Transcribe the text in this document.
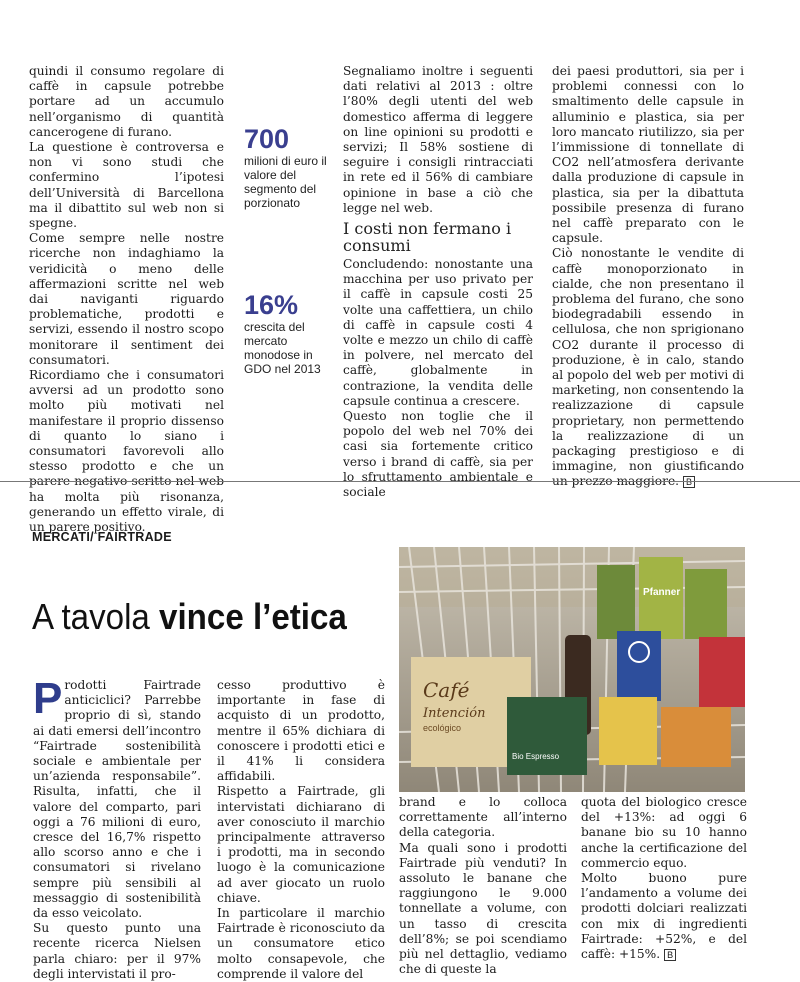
quindi il consumo regolare di caffè in capsule potrebbe portare ad un accumulo nell’organismo di quantità cancerogene di furano.

La questione è controversa e non vi sono studi che confermino l’ipotesi dell’Università di Barcellona ma il dibattito sul web non si spegne.

Come sempre nelle nostre ricerche non indaghiamo la veridicità o meno delle affermazioni scritte nel web dai naviganti riguardo problematiche, prodotti e servizi, essendo il nostro scopo monitorare il sentiment dei consumatori.

Ricordiamo che i consumatori avversi ad un prodotto sono molto più motivati nel manifestare il proprio dissenso di quanto lo siano i consumatori favorevoli allo stesso prodotto e che un parere negativo scritto nel web ha molta più risonanza, generando un effetto virale, di un parere positivo.

700
milioni di euro il valore del segmento del porzionato
16%
crescita del mercato monodose in GDO nel 2013

Segnaliamo inoltre i seguenti dati relativi al 2013 : oltre l’80% degli utenti del web domestico afferma di leggere on line opinioni su prodotti e servizi; Il 58% sostiene di seguire i consigli rintracciati in rete ed il 56% di cambiare opinione in base a ciò che legge nel web.

I costi non fermano i consumi

Concludendo: nonostante una macchina per uso privato per il caffè in capsule costi 25 volte una caffettiera, un chilo di caffè in capsule costi 4 volte e mezzo un chilo di caffè in polvere, nel mercato del caffè, globalmente in contrazione, la vendita delle capsule continua a crescere.

Questo non toglie che il popolo del web nel 70% dei casi sia fortemente critico verso i brand di caffè, sia per lo sfruttamento ambientale e sociale

dei paesi produttori, sia per i problemi connessi con lo smaltimento delle capsule in alluminio e plastica, sia per loro mancato riutilizzo, sia per l’immissione di tonnellate di CO2 nell’atmosfera derivante dalla produzione di capsule in plastica, sia per la dibattuta possibile presenza di furano nel caffè preparato con le capsule.

Ciò nonostante le vendite di caffè monoporzionato in cialde, che non presentano il problema del furano, che sono biodegradabili essendo in cellulosa, che non sprigionano CO2 durante il processo di produzione, è in calo, stando al popolo del web per motivi di marketing, non consentendo la realizzazione di capsule proprietary, non permettendo la realizzazione di un packaging prestigioso e di immagine, non giustificando un prezzo maggiore. B

MERCATI/ FAIRTRADE
A tavola vince l’etica
Pfanner
Café
Intención
ecológico
Bio Espresso

Prodotti Fairtrade anticiclici? Parrebbe proprio di sì, stando ai dati emersi dell’incontro “Fairtrade sostenibilità sociale e ambientale per un’azienda responsabile”. Risulta, infatti, che il valore del comparto, pari oggi a 76 milioni di euro, cresce del 16,7% rispetto allo scorso anno e che i consumatori si rivelano sempre più sensibili al messaggio di sostenibilità da esso veicolato.

Su questo punto una recente ricerca Nielsen parla chiaro: per il 97% degli intervistati il pro-

cesso produttivo è importante in fase di acquisto di un prodotto, mentre il 65% dichiara di conoscere i prodotti etici e il 41% li considera affidabili.

Rispetto a Fairtrade, gli intervistati dichiarano di aver conosciuto il marchio principalmente attraverso i prodotti, ma in secondo luogo è la comunicazione ad aver giocato un ruolo chiave.

In particolare il marchio Fairtrade è riconosciuto da un consumatore etico molto consapevole, che comprende il valore del

brand e lo colloca correttamente all’interno della categoria.

Ma quali sono i prodotti Fairtrade più venduti? In assoluto le banane che raggiungono le 9.000 tonnellate a volume, con un tasso di crescita dell’8%; se poi scendiamo più nel dettaglio, vediamo che di queste la

quota del biologico cresce del +13%: ad oggi 6 banane bio su 10 hanno anche la certificazione del commercio equo.

Molto buono pure l’andamento a volume dei prodotti dolciari realizzati con mix di ingredienti Fairtrade: +52%, e del caffè: +15%. B
